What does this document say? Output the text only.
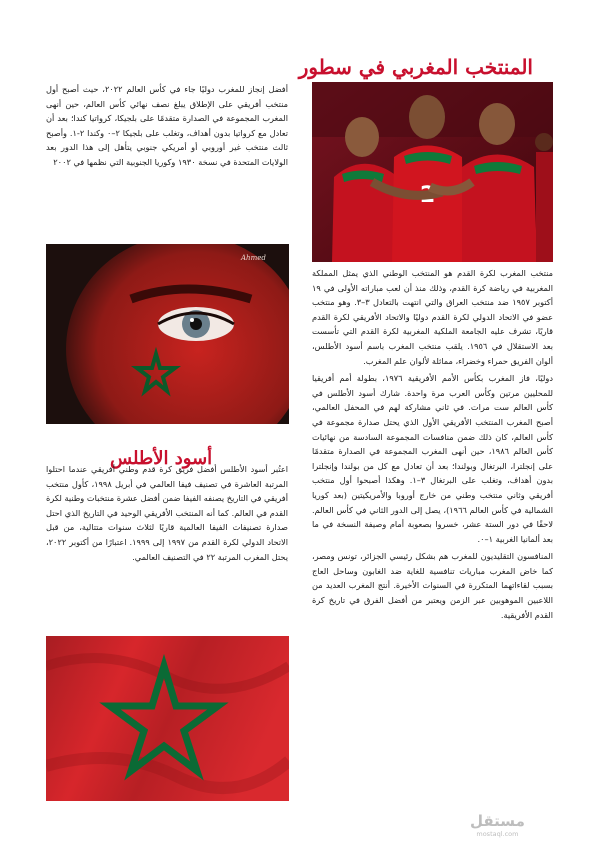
المنتخب المغربي في سطور

أفضل إنجاز للمغرب دوليًا جاء في كأس العالم ٢٠٢٢، حيث أصبح أول منتخب أفريقي على الإطلاق يبلغ نصف نهائي كأس العالم، حين أنهى المغرب المجموعة في الصدارة متقدمًا على بلجيكا، كرواتيا كندا؛ بعد أن تعادل مع كرواتيا بدون أهداف، وتغلب على بلجيكا ٢–٠ وكندا ٢-١. وأصبح ثالث منتخب غير أوروبي أو أمريكي جنوبي يتأهل إلى هذا الدور بعد الولايات المتحدة في نسخة ١٩٣٠ وكوريا الجنوبية التي نظمها في ٢٠٠٢

2

منتخب المغرب لكرة القدم هو المنتخب الوطني الذي يمثل المملكة المغربية في رياضة كرة القدم، وذلك منذ أن لعب مباراته الأولى في ١٩ أكتوبر ١٩٥٧ ضد منتخب العراق والتي انتهت بالتعادل ٣–٣. وهو منتخب عضو في الاتحاد الدولي لكرة القدم دوليًا والاتحاد الأفريقي لكرة القدم قاريًا، تشرف عليه الجامعة الملكية المغربية لكرة القدم التي تأسست بعد الاستقلال في ١٩٥٦. يلقب منتخب المغرب باسم أسود الأطلس، ألوان الفريق حمراء وخضراء، مماثلة لألوان علم المغرب.

دوليًا، فاز المغرب بكأس الأمم الأفريقية ١٩٧٦، بطولة أمم أفريقيا للمحليين مرتين وكأس العرب مرة واحدة. شارك أسود الأطلس في كأس العالم ست مرات. في ثاني مشاركة لهم في المحفل العالمي، أصبح المغرب المنتخب الأفريقي الأول الذي يحتل صدارة مجموعة في كأس العالم، كان ذلك ضمن منافسات المجموعة السادسة من نهائيات كأس العالم ١٩٨٦، حين أنهى المغرب المجموعة في الصدارة متقدمًا على إنجلترا، البرتغال وبولندا؛ بعد أن تعادل مع كل من بولندا وإنجلترا بدون أهداف، وتغلب على البرتغال ٣–١. وهكذا أصبحوا أول منتخب أفريقي وثاني منتخب وطني من خارج أوروبا والأمريكيتين (بعد كوريا الشمالية في كأس العالم ١٩٦٦)، يصل إلى الدور الثاني في كأس العالم. لاحقًا في دور الستة عشر، خسروا بصعوبة أمام وصيفة النسخة في ما بعد ألمانيا الغربية ١–٠.

المنافسون التقليديون للمغرب هم بشكل رئيسي الجزائر، تونس ومصر، كما خاض المغرب مباريات تنافسية للغاية ضد الغابون وساحل العاج بسبب لقاءاتهما المتكررة في السنوات الأخيرة. أنتج المغرب العديد من اللاعبين الموهوبين عبر الزمن ويعتبر من أفضل الفرق في تاريخ كرة القدم الأفريقية.

Ahmed
أسود الأطلس

اعتُبر أسود الأطلس أفضل فريق كرة قدم وطني أفريقي عندما احتلوا المرتبة العاشرة في تصنيف فيفا العالمي في أبريل ١٩٩٨، كأول منتخب أفريقي في التاريخ يصنفه الفيفا ضمن أفضل عشرة منتخبات وطنية لكرة القدم في العالم. كما أنه المنتخب الأفريقي الوحيد في التاريخ الذي احتل صدارة تصنيفات الفيفا العالمية قاريًا لثلاث سنوات متتالية، من قبل الاتحاد الدولي لكرة القدم من ١٩٩٧ إلى ١٩٩٩. اعتبارًا من أكتوبر ٢٠٢٢، يحتل المغرب المرتبة ٢٢ في التصنيف العالمي.

مستقل
mostaql.com
